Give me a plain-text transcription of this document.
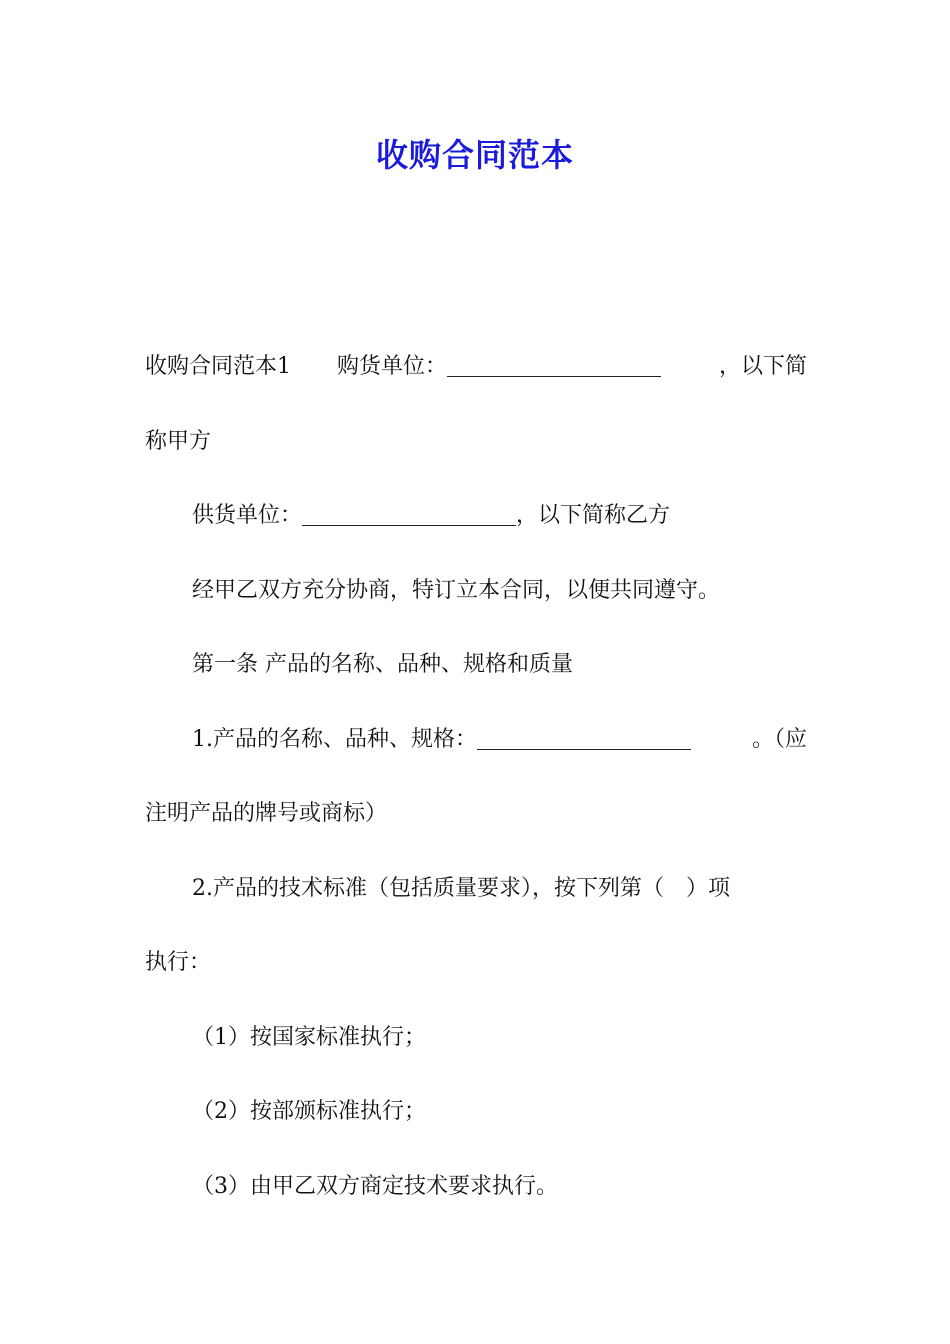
收购合同范本
收购合同范本1 购货单位：	，以下简
称甲方
供货单位：	，以下简称乙方
经甲乙双方充分协商，特订立本合同，以便共同遵守。
第一条 产品的名称、品种、规格和质量
1.产品的名称、品种、规格：	。（应
注明产品的牌号或商标）
2.产品的技术标准（包括质量要求），按下列第（　）项
执行：
（1）按国家标准执行；
（2）按部颁标准执行；
（3）由甲乙双方商定技术要求执行。
